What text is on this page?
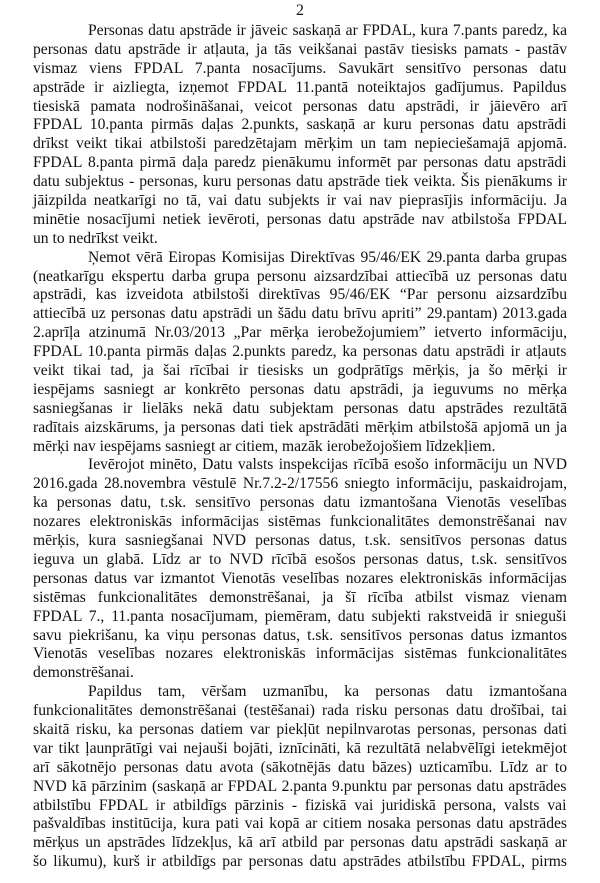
2
Personas datu apstrāde ir jāveic saskaņā ar FPDAL, kura 7.pants paredz, ka
personas datu apstrāde ir atļauta, ja tās veikšanai pastāv tiesisks pamats - pastāv
vismaz viens FPDAL 7.panta nosacījums. Savukārt sensitīvo personas datu
apstrāde ir aizliegta, izņemot FPDAL 11.pantā noteiktajos gadījumus. Papildus
tiesiskā pamata nodrošināšanai, veicot personas datu apstrādi, ir jāievēro arī
FPDAL 10.panta pirmās daļas 2.punkts, saskaņā ar kuru personas datu apstrādi
drīkst veikt tikai atbilstoši paredzētajam mērķim un tam nepieciešamajā apjomā.
FPDAL 8.panta pirmā daļa paredz pienākumu informēt par personas datu apstrādi
datu subjektus - personas, kuru personas datu apstrāde tiek veikta. Šis pienākums ir
jāizpilda neatkarīgi no tā, vai datu subjekts ir vai nav pieprasījis informāciju. Ja
minētie nosacījumi netiek ievēroti, personas datu apstrāde nav atbilstoša FPDAL
un to nedrīkst veikt.
Ņemot vērā Eiropas Komisijas Direktīvas 95/46/EK 29.panta darba grupas
(neatkarīgu ekspertu darba grupa personu aizsardzībai attiecībā uz personas datu
apstrādi, kas izveidota atbilstoši direktīvas 95/46/EK “Par personu aizsardzību
attiecībā uz personas datu apstrādi un šādu datu brīvu apriti” 29.pantam) 2013.gada
2.aprīļa atzinumā Nr.03/2013 „Par mērķa ierobežojumiem” ietverto informāciju,
FPDAL 10.panta pirmās daļas 2.punkts paredz, ka personas datu apstrādi ir atļauts
veikt tikai tad, ja šai rīcībai ir tiesisks un godprātīgs mērķis, ja šo mērķi ir
iespējams sasniegt ar konkrēto personas datu apstrādi, ja ieguvums no mērķa
sasniegšanas ir lielāks nekā datu subjektam personas datu apstrādes rezultātā
radītais aizskārums, ja personas dati tiek apstrādāti mērķim atbilstošā apjomā un ja
mērķi nav iespējams sasniegt ar citiem, mazāk ierobežojošiem līdzekļiem.
Ievērojot minēto, Datu valsts inspekcijas rīcībā esošo informāciju un NVD
2016.gada 28.novembra vēstulē Nr.7.2-2/17556 sniegto informāciju, paskaidrojam,
ka personas datu, t.sk. sensitīvo personas datu izmantošana Vienotās veselības
nozares elektroniskās informācijas sistēmas funkcionalitātes demonstrēšanai nav
mērķis, kura sasniegšanai NVD personas datus, t.sk. sensitīvos personas datus
ieguva un glabā. Līdz ar to NVD rīcībā esošos personas datus, t.sk. sensitīvos
personas datus var izmantot Vienotās veselības nozares elektroniskās informācijas
sistēmas funkcionalitātes demonstrēšanai, ja šī rīcība atbilst vismaz vienam
FPDAL 7., 11.panta nosacījumam, piemēram, datu subjekti rakstveidā ir snieguši
savu piekrišanu, ka viņu personas datus, t.sk. sensitīvos personas datus izmantos
Vienotās veselības nozares elektroniskās informācijas sistēmas funkcionalitātes
demonstrēšanai.
Papildus tam, vēršam uzmanību, ka personas datu izmantošana
funkcionalitātes demonstrēšanai (testēšanai) rada risku personas datu drošībai, tai
skaitā risku, ka personas datiem var piekļūt nepilnvarotas personas, personas dati
var tikt ļaunprātīgi vai nejauši bojāti, iznīcināti, kā rezultātā nelabvēlīgi ietekmējot
arī sākotnējo personas datu avota (sākotnējās datu bāzes) uzticamību. Līdz ar to
NVD kā pārzinim (saskaņā ar FPDAL 2.panta 9.punktu par personas datu apstrādes
atbilstību FPDAL ir atbildīgs pārzinis - fiziskā vai juridiskā persona, valsts vai
pašvaldības institūcija, kura pati vai kopā ar citiem nosaka personas datu apstrādes
mērķus un apstrādes līdzekļus, kā arī atbild par personas datu apstrādi saskaņā ar
šo likumu), kurš ir atbildīgs par personas datu apstrādes atbilstību FPDAL, pirms
